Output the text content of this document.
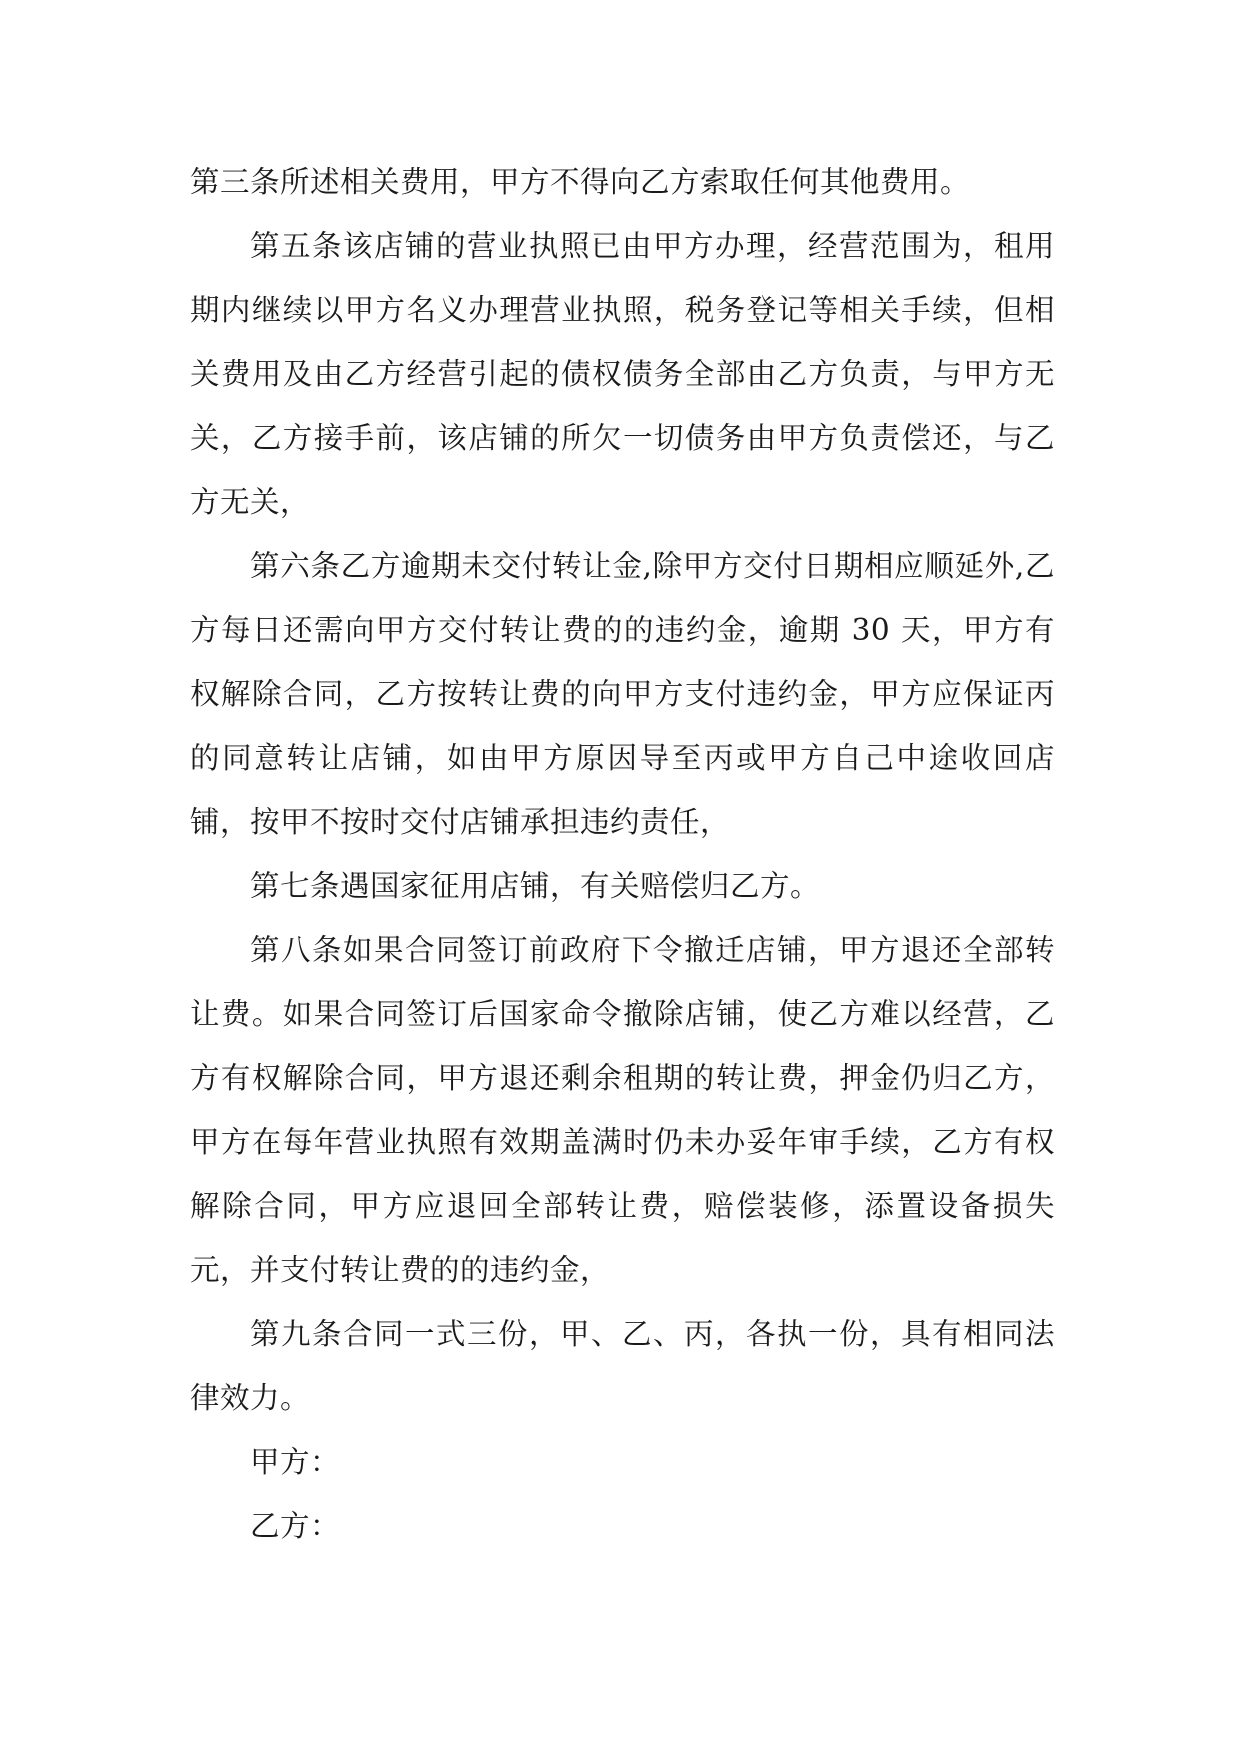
第三条所述相关费用，甲方不得向乙方索取任何其他费用。

第五条该店铺的营业执照已由甲方办理，经营范围为，租用期内继续以甲方名义办理营业执照，税务登记等相关手续，但相关费用及由乙方经营引起的债权债务全部由乙方负责，与甲方无关，乙方接手前，该店铺的所欠一切债务由甲方负责偿还，与乙方无关，

第六条乙方逾期未交付转让金,除甲方交付日期相应顺延外,乙方每日还需向甲方交付转让费的的违约金，逾期 30 天，甲方有权解除合同，乙方按转让费的向甲方支付违约金，甲方应保证丙的同意转让店铺，如由甲方原因导至丙或甲方自己中途收回店铺，按甲不按时交付店铺承担违约责任，

第七条遇国家征用店铺，有关赔偿归乙方。

第八条如果合同签订前政府下令撤迁店铺，甲方退还全部转让费。如果合同签订后国家命令撤除店铺，使乙方难以经营，乙方有权解除合同，甲方退还剩余租期的转让费，押金仍归乙方，甲方在每年营业执照有效期盖满时仍未办妥年审手续，乙方有权解除合同，甲方应退回全部转让费，赔偿装修，添置设备损失元，并支付转让费的的违约金，

第九条合同一式三份，甲、乙、丙，各执一份，具有相同法律效力。

甲方：

乙方：
